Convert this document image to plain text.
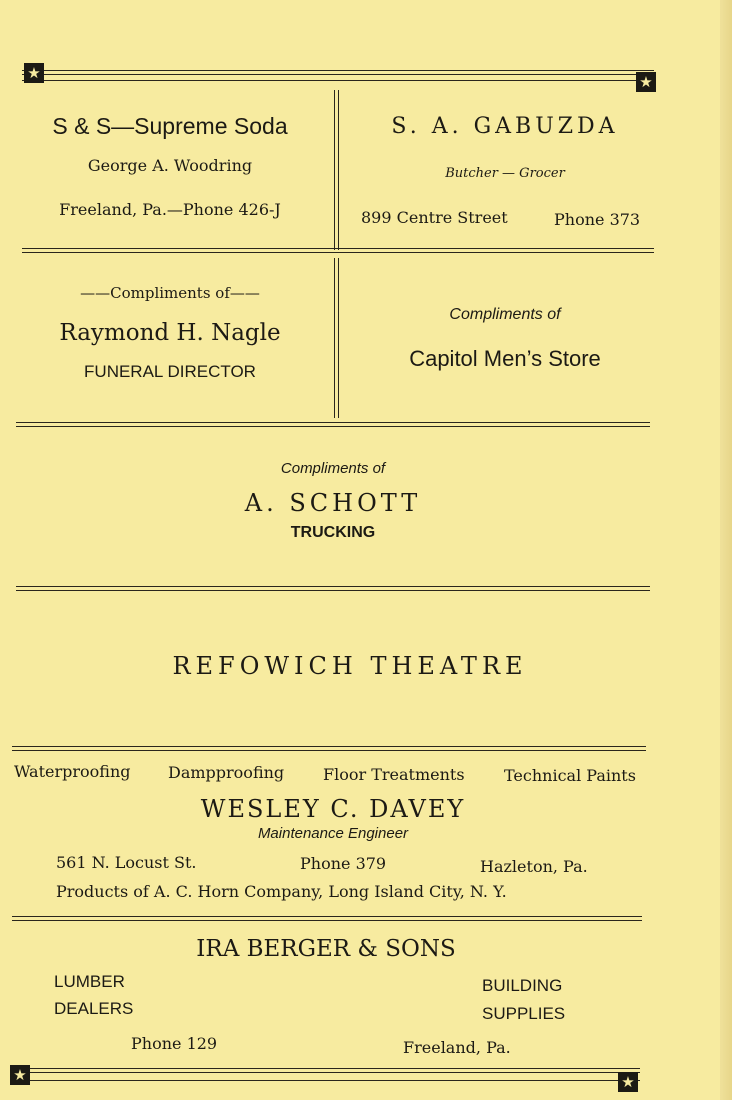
★	★
S & S—Supreme Soda
George A. Woodring
Freeland, Pa.—Phone 426-J
S. A. GABUZDA
Butcher — Grocer
899 Centre Street	Phone 373
——Compliments of——
Raymond H. Nagle
FUNERAL DIRECTOR
Compliments of
Capitol Men’s Store
Compliments of
A. SCHOTT
TRUCKING
REFOWICH THEATRE
Waterproofing Dampproofing Floor Treatments Technical Paints
WESLEY C. DAVEY
Maintenance Engineer
561 N. Locust St.	Phone 379	Hazleton, Pa.
Products of A. C. Horn Company, Long Island City, N. Y.
IRA BERGER & SONS
LUMBER
DEALERS
BUILDING
SUPPLIES
Phone 129	Freeland, Pa.
★	★
